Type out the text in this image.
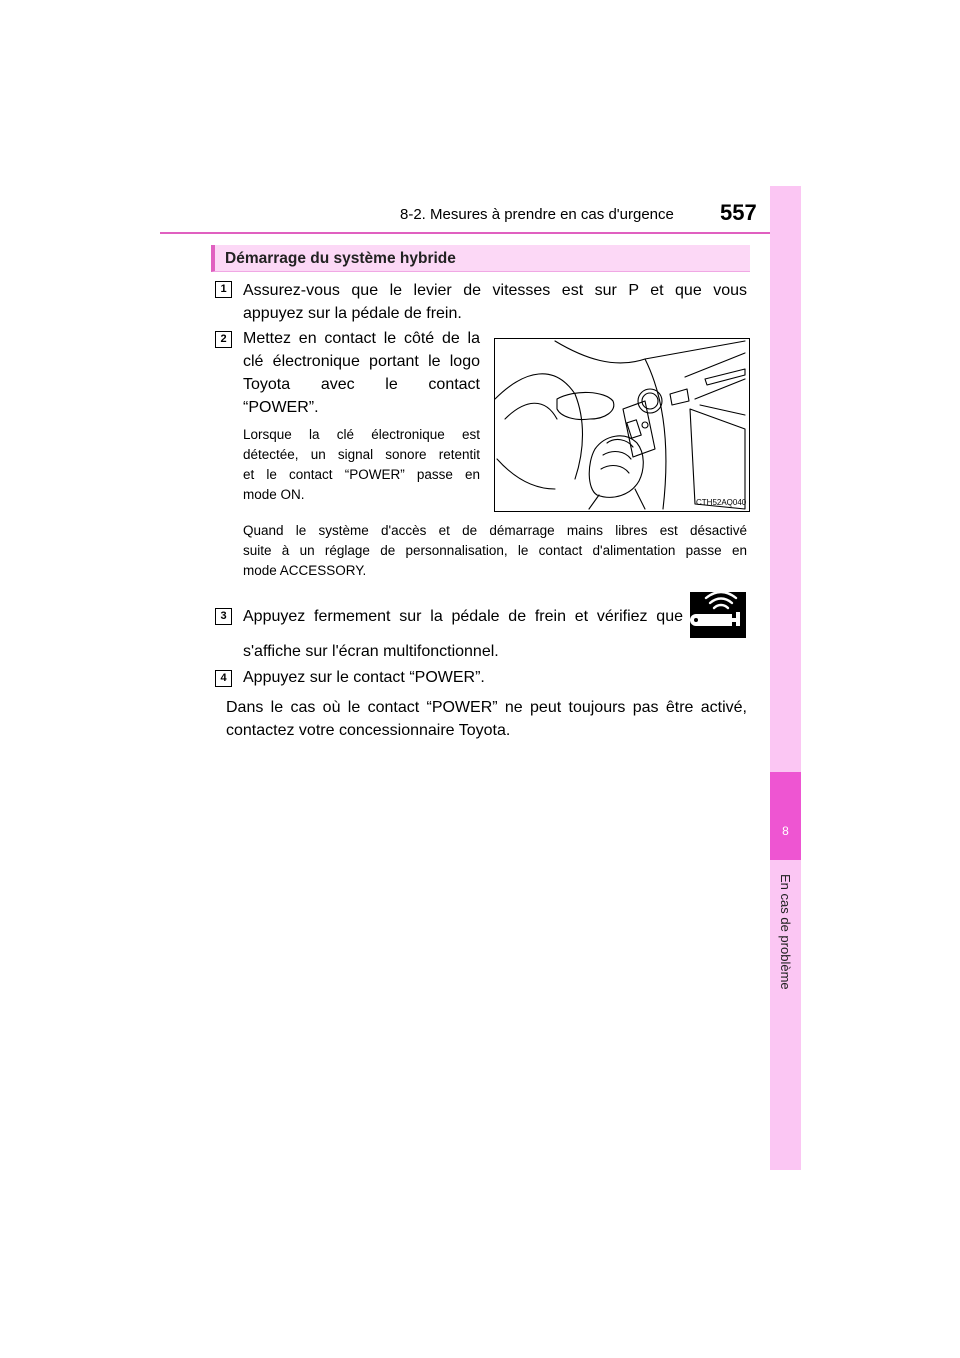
8-2. Mesures à prendre en cas d'urgence 557
8
En cas de problème
Démarrage du système hybride
1	Assurez-vous que le levier de vitesses est sur P et que vous
appuyez sur la pédale de frein.
2	Mettez en contact le côté de la
clé électronique portant le logo
Toyota avec le contact
“POWER”.
Lorsque la clé électronique est
détectée, un signal sonore retentit
et le contact “POWER” passe en
mode ON.
CTH52AQ040
Quand le système d'accès et de démarrage mains libres est désactivé
suite à un réglage de personnalisation, le contact d'alimentation passe en
mode ACCESSORY.
3	Appuyez fermement sur la pédale de frein et vérifiez que
s'affiche sur l'écran multifonctionnel.
4	Appuyez sur le contact “POWER”.
Dans le cas où le contact “POWER” ne peut toujours pas être activé,
contactez votre concessionnaire Toyota.
